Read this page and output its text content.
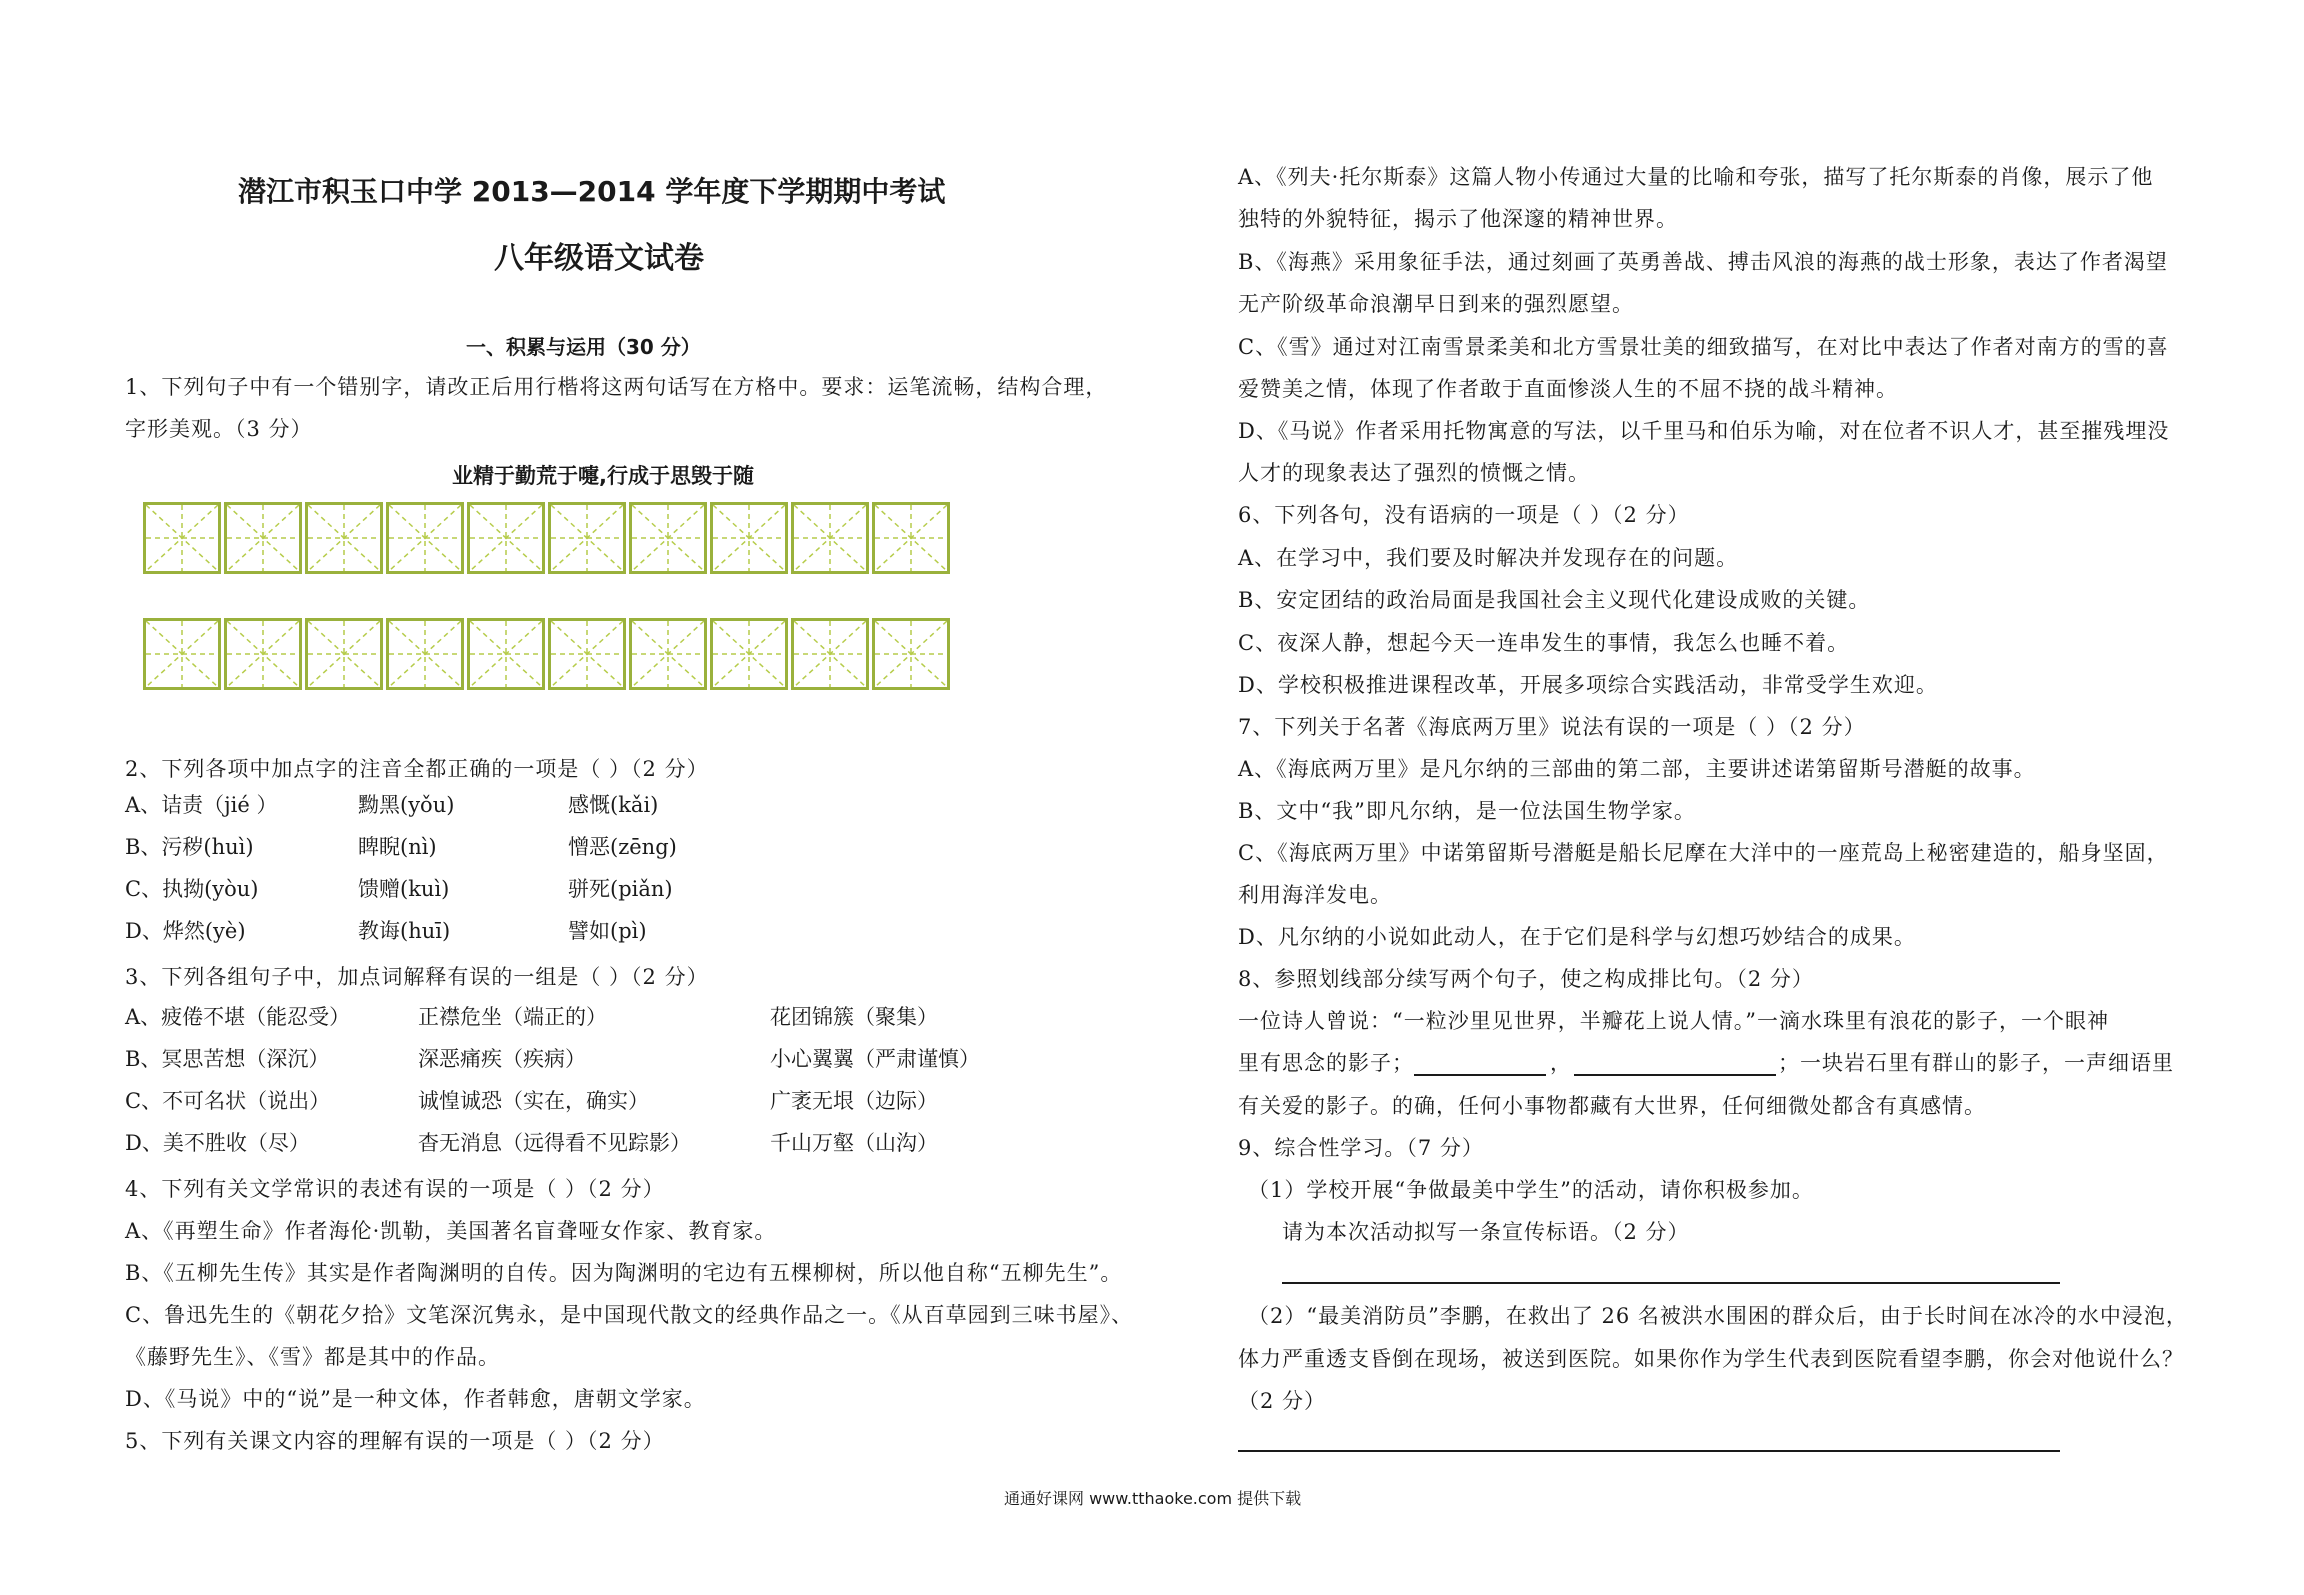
潜江市积玉口中学 2013—2014 学年度下学期期中考试
八年级语文试卷
一、积累与运用（30 分）
1、下列句子中有一个错别字，请改正后用行楷将这两句话写在方格中。要求：运笔流畅，结构合理，
字形美观。（3 分）
业精于勤荒于嚏,行成于思毁于随
2、下列各项中加点字的注音全都正确的一项是（ ）（2 分）
A、诘责（jié ）	黝黑(yǒu)	感慨(kǎi)
B、污秽(huì)	睥睨(nì)	憎恶(zēng)
C、执拗(yòu)	馈赠(kuì)	骈死(piǎn)
D、烨然(yè)	教诲(huī)	譬如(pì)
3、下列各组句子中，加点词解释有误的一组是（ ）（2 分）
A、疲倦不堪（能忍受）	正襟危坐（端正的）	花团锦簇（聚集）
B、冥思苦想（深沉）	深恶痛疾（疾病）	小心翼翼（严肃谨慎）
C、不可名状（说出）	诚惶诚恐（实在，确实）	广袤无垠（边际）
D、美不胜收（尽）	杳无消息（远得看不见踪影）	千山万壑（山沟）
4、下列有关文学常识的表述有误的一项是（ ）（2 分）
A、《再塑生命》作者海伦·凯勒，美国著名盲聋哑女作家、教育家。
B、《五柳先生传》其实是作者陶渊明的自传。因为陶渊明的宅边有五棵柳树，所以他自称“五柳先生”。
C、鲁迅先生的《朝花夕拾》文笔深沉隽永，是中国现代散文的经典作品之一。《从百草园到三味书屋》、
《藤野先生》、《雪》都是其中的作品。
D、《马说》中的“说”是一种文体，作者韩愈，唐朝文学家。
5、下列有关课文内容的理解有误的一项是（ ）（2 分）
A、《列夫·托尔斯泰》这篇人物小传通过大量的比喻和夸张，描写了托尔斯泰的肖像，展示了他
独特的外貌特征，揭示了他深邃的精神世界。
B、《海燕》采用象征手法，通过刻画了英勇善战、搏击风浪的海燕的战士形象，表达了作者渴望
无产阶级革命浪潮早日到来的强烈愿望。
C、《雪》通过对江南雪景柔美和北方雪景壮美的细致描写，在对比中表达了作者对南方的雪的喜
爱赞美之情，体现了作者敢于直面惨淡人生的不屈不挠的战斗精神。
D、《马说》作者采用托物寓意的写法，以千里马和伯乐为喻，对在位者不识人才，甚至摧残埋没
人才的现象表达了强烈的愤慨之情。
6、下列各句，没有语病的一项是（ ）（2 分）
A、在学习中，我们要及时解决并发现存在的问题。
B、安定团结的政治局面是我国社会主义现代化建设成败的关键。
C、夜深人静，想起今天一连串发生的事情，我怎么也睡不着。
D、学校积极推进课程改革，开展多项综合实践活动，非常受学生欢迎。
7、下列关于名著《海底两万里》说法有误的一项是（ ）（2 分）
A、《海底两万里》是凡尔纳的三部曲的第二部，主要讲述诺第留斯号潜艇的故事。
B、文中“我”即凡尔纳，是一位法国生物学家。
C、《海底两万里》中诺第留斯号潜艇是船长尼摩在大洋中的一座荒岛上秘密建造的，船身坚固，
利用海洋发电。
D、凡尔纳的小说如此动人，在于它们是科学与幻想巧妙结合的成果。
8、参照划线部分续写两个句子，使之构成排比句。（2 分）
一位诗人曾说：“一粒沙里见世界，半瓣花上说人情。”一滴水珠里有浪花的影子，一个眼神
里有思念的影子；	，	；一块岩石里有群山的影子，一声细语里
有关爱的影子。的确，任何小事物都藏有大世界，任何细微处都含有真感情。
9、综合性学习。（7 分）
（1）学校开展“争做最美中学生”的活动，请你积极参加。
请为本次活动拟写一条宣传标语。（2 分）
（2）“最美消防员”李鹏，在救出了 26 名被洪水围困的群众后，由于长时间在冰冷的水中浸泡，
体力严重透支昏倒在现场，被送到医院。如果你作为学生代表到医院看望李鹏，你会对他说什么？
（2 分）
通通好课网 www.tthaoke.com 提供下载
